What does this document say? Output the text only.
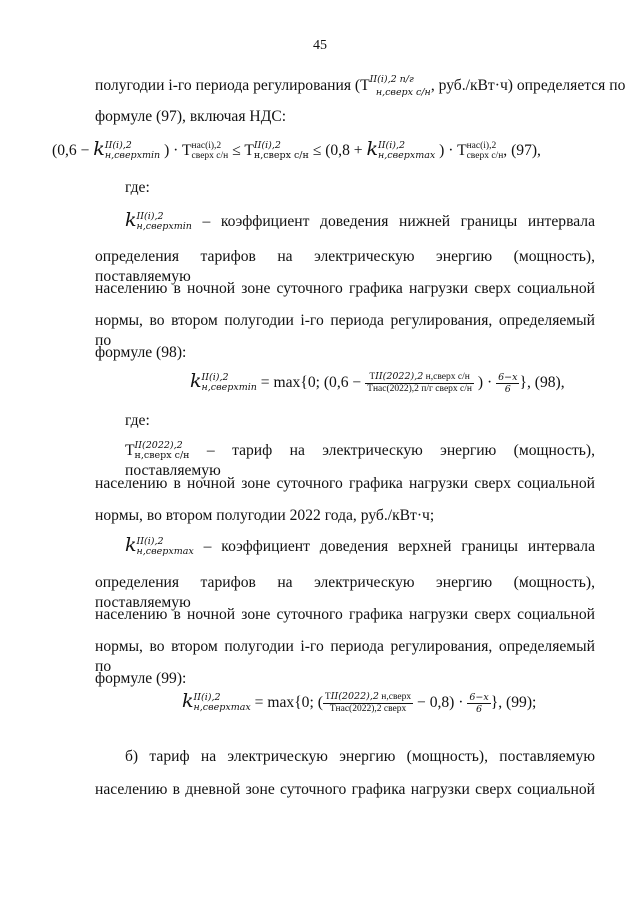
45
полугодии i-го периода регулирования ($T^{II(i),2 п/г}_{н,сверх с/н}$, руб./кВт·ч) определяется по
формуле (97), включая НДС:
(0,6 − k II(i),2
н,сверхmin ) · T нас(i),2
сверх с/н ≤ T II(i),2
н,сверх с/н ≤ (0,8 + k II(i),2
н,сверхmax ) · T нас(i),2
сверх с/н , (97),
где:
k II(i),2
н,сверхmin – коэффициент доведения нижней границы интервала
определения тарифов на электрическую энергию (мощность), поставляемую
населению в ночной зоне суточного графика нагрузки сверх социальной
нормы, во втором полугодии i-го периода регулирования, определяемый по
формуле (98):
k II(i),2
н,сверхmin = max{0; ($0,6 - \frac{\text{TII(2022),2 н,сверх с/н}}{\text{Tнас(2022),2 п/г сверх с/н}}$ ) · $\frac{6-x}{6}$ }, (98),
где:
T II(2022),2
н,сверх с/н – тариф на электрическую энергию (мощность), поставляемую
населению в ночной зоне суточного графика нагрузки сверх социальной
нормы, во втором полугодии 2022 года, руб./кВт·ч;
k II(i),2
н,сверхmax – коэффициент доведения верхней границы интервала
определения тарифов на электрическую энергию (мощность), поставляемую
населению в ночной зоне суточного графика нагрузки сверх социальной
нормы, во втором полугодии i-го периода регулирования, определяемый по
формуле (99):
k II(i),2
н,сверхmax = max{0; ( $\frac{\text{TII(2022),2 н,сверх}}{\text{Tнас(2022),2 сверх}} - 0,8) \cdot \frac{6-x}{6}$ }, (99);
б) тариф на электрическую энергию (мощность), поставляемую
населению в дневной зоне суточного графика нагрузки сверх социальной
